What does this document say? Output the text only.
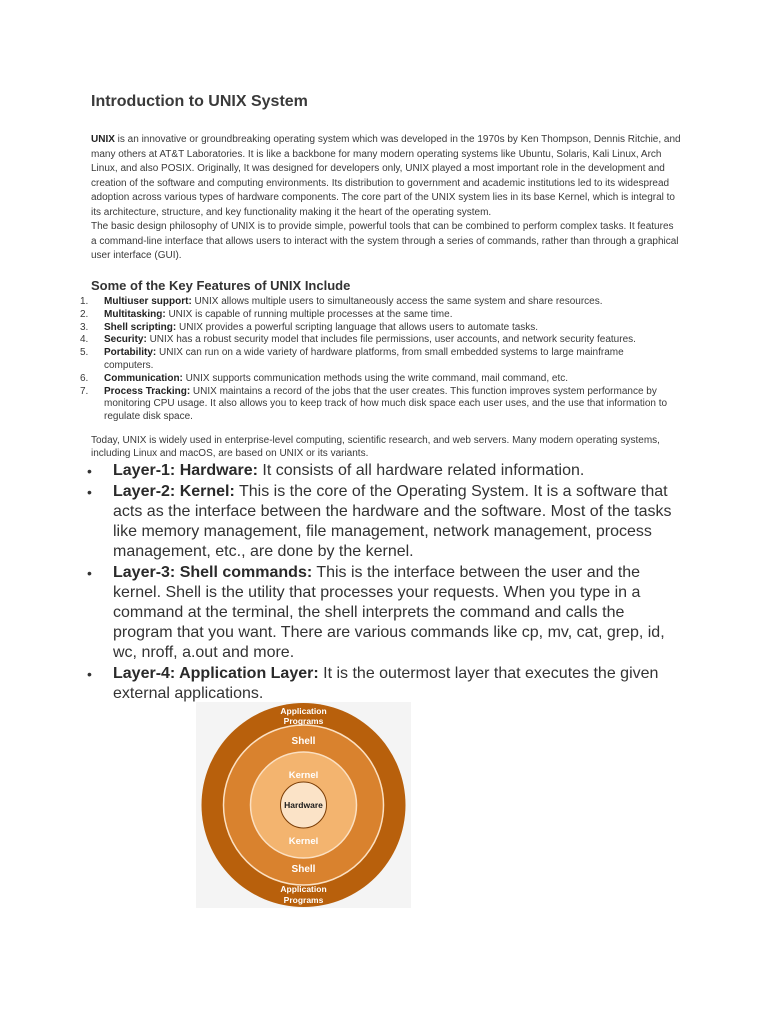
Introduction to UNIX System

UNIX is an innovative or groundbreaking operating system which was developed in the 1970s by Ken Thompson, Dennis Ritchie, and many others at AT&T Laboratories. It is like a backbone for many modern operating systems like Ubuntu, Solaris, Kali Linux, Arch Linux, and also POSIX. Originally, It was designed for developers only, UNIX played a most important role in the development and creation of the software and computing environments. Its distribution to government and academic institutions led to its widespread adoption across various types of hardware components. The core part of the UNIX system lies in its base Kernel, which is integral to its architecture, structure, and key functionality making it the heart of the operating system.

The basic design philosophy of UNIX is to provide simple, powerful tools that can be combined to perform complex tasks. It features a command-line interface that allows users to interact with the system through a series of commands, rather than through a graphical user interface (GUI).

Some of the Key Features of UNIX Include
1. Multiuser support: UNIX allows multiple users to simultaneously access the same system and share resources.
2. Multitasking: UNIX is capable of running multiple processes at the same time.
3. Shell scripting: UNIX provides a powerful scripting language that allows users to automate tasks.
4. Security: UNIX has a robust security model that includes file permissions, user accounts, and network security features.
5. Portability: UNIX can run on a wide variety of hardware platforms, from small embedded systems to large mainframe computers.
6. Communication: UNIX supports communication methods using the write command, mail command, etc.
7. Process Tracking: UNIX maintains a record of the jobs that the user creates. This function improves system performance by monitoring CPU usage. It also allows you to keep track of how much disk space each user uses, and the use that information to regulate disk space.

Today, UNIX is widely used in enterprise-level computing, scientific research, and web servers. Many modern operating systems, including Linux and macOS, are based on UNIX or its variants.

• Layer-1: Hardware: It consists of all hardware related information.
• Layer-2: Kernel: This is the core of the Operating System. It is a software that acts as the interface between the hardware and the software. Most of the tasks like memory management, file management, network management, process management, etc., are done by the kernel.
• Layer-3: Shell commands: This is the interface between the user and the kernel. Shell is the utility that processes your requests. When you type in a command at the terminal, the shell interprets the command and calls the program that you want. There are various commands like cp, mv, cat, grep, id, wc, nroff, a.out and more.
• Layer-4: Application Layer: It is the outermost layer that executes the given external applications.
Application
Programs
Shell
Kernel
Hardware
Kernel
Shell
Application
Programs
